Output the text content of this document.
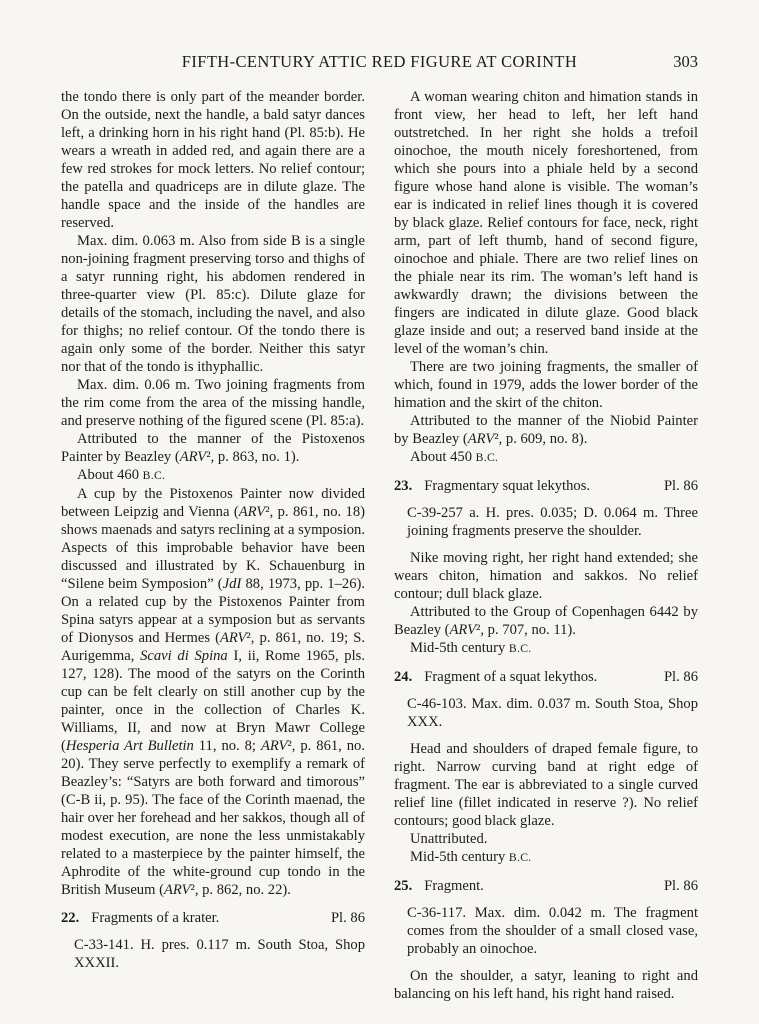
FIFTH-CENTURY ATTIC RED FIGURE AT CORINTH	303

the tondo there is only part of the meander border. On the outside, next the handle, a bald satyr dances left, a drinking horn in his right hand (Pl. 85:b). He wears a wreath in added red, and again there are a few red strokes for mock letters. No relief contour; the patella and quadriceps are in dilute glaze. The handle space and the inside of the handles are reserved.

Max. dim. 0.063 m. Also from side B is a single non-joining fragment preserving torso and thighs of a satyr running right, his abdomen rendered in three-quarter view (Pl. 85:c). Dilute glaze for details of the stomach, including the navel, and also for thighs; no relief contour. Of the tondo there is again only some of the border. Neither this satyr nor that of the tondo is ithyphallic.

Max. dim. 0.06 m. Two joining fragments from the rim come from the area of the missing handle, and preserve nothing of the figured scene (Pl. 85:a).

Attributed to the manner of the Pistoxenos Painter by Beazley (ARV², p. 863, no. 1).

About 460 B.C.

A cup by the Pistoxenos Painter now divided between Leipzig and Vienna (ARV², p. 861, no. 18) shows maenads and satyrs reclining at a symposion. Aspects of this improbable behavior have been discussed and illustrated by K. Schauenburg in “Silene beim Symposion” (JdI 88, 1973, pp. 1–26). On a related cup by the Pistoxenos Painter from Spina satyrs appear at a symposion but as servants of Dionysos and Hermes (ARV², p. 861, no. 19; S. Aurigemma, Scavi di Spina I, ii, Rome 1965, pls. 127, 128). The mood of the satyrs on the Corinth cup can be felt clearly on still another cup by the painter, once in the collection of Charles K. Williams, II, and now at Bryn Mawr College (Hesperia Art Bulletin 11, no. 8; ARV², p. 861, no. 20). They serve perfectly to exemplify a remark of Beazley’s: “Satyrs are both forward and timorous” (C-B ii, p. 95). The face of the Corinth maenad, the hair over her forehead and her sakkos, though all of modest execution, are none the less unmistakably related to a masterpiece by the painter himself, the Aphrodite of the white-ground cup tondo in the British Museum (ARV², p. 862, no. 22).

22. Fragments of a krater.	Pl. 86

C-33-141. H. pres. 0.117 m. South Stoa, Shop XXXII.

A woman wearing chiton and himation stands in front view, her head to left, her left hand outstretched. In her right she holds a trefoil oinochoe, the mouth nicely foreshortened, from which she pours into a phiale held by a second figure whose hand alone is visible. The woman’s ear is indicated in relief lines though it is covered by black glaze. Relief contours for face, neck, right arm, part of left thumb, hand of second figure, oinochoe and phiale. There are two relief lines on the phiale near its rim. The woman’s left hand is awkwardly drawn; the divisions between the fingers are indicated in dilute glaze. Good black glaze inside and out; a reserved band inside at the level of the woman’s chin.

There are two joining fragments, the smaller of which, found in 1979, adds the lower border of the himation and the skirt of the chiton.

Attributed to the manner of the Niobid Painter by Beazley (ARV², p. 609, no. 8).

About 450 B.C.

23. Fragmentary squat lekythos.	Pl. 86

C-39-257 a. H. pres. 0.035; D. 0.064 m. Three joining fragments preserve the shoulder.

Nike moving right, her right hand extended; she wears chiton, himation and sakkos. No relief contour; dull black glaze.

Attributed to the Group of Copenhagen 6442 by Beazley (ARV², p. 707, no. 11).

Mid-5th century B.C.

24. Fragment of a squat lekythos.	Pl. 86

C-46-103. Max. dim. 0.037 m. South Stoa, Shop XXX.

Head and shoulders of draped female figure, to right. Narrow curving band at right edge of fragment. The ear is abbreviated to a single curved relief line (fillet indicated in reserve ?). No relief contours; good black glaze.

Unattributed.

Mid-5th century B.C.

25. Fragment.	Pl. 86

C-36-117. Max. dim. 0.042 m. The fragment comes from the shoulder of a small closed vase, probably an oinochoe.

On the shoulder, a satyr, leaning to right and balancing on his left hand, his right hand raised.
